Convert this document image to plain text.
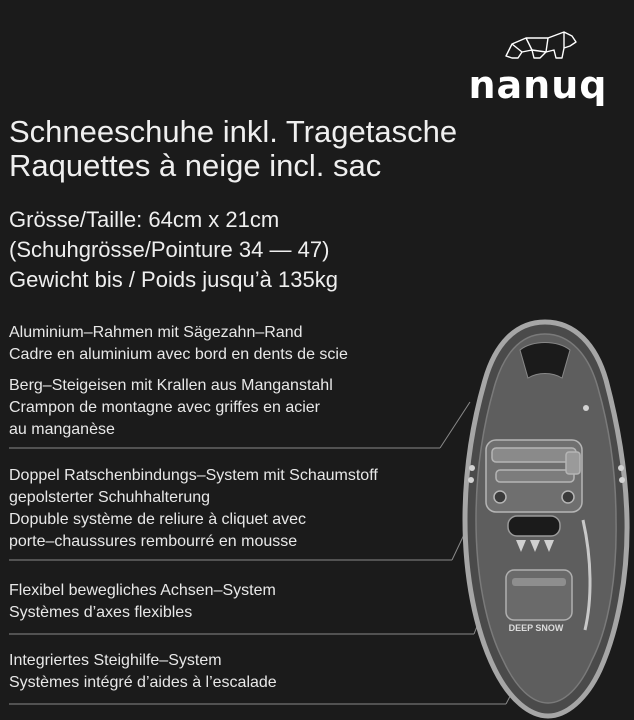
DEEP SNOW
nanuq
Schneeschuhe inkl. Tragetasche
Raquettes à neige incl. sac
Grösse/Taille: 64cm x 21cm
(Schuhgrösse/Pointure 34 — 47)
Gewicht bis / Poids jusqu’à 135kg
Aluminium–Rahmen mit Sägezahn–Rand
Cadre en aluminium avec bord en dents de scie
Berg–Steigeisen mit Krallen aus Manganstahl
Crampon de montagne avec griffes en acier
au manganèse
Doppel Ratschenbindungs–System mit Schaumstoff
gepolsterter Schuhhalterung
Dopuble système de reliure à cliquet avec
porte–chaussures rembourré en mousse
Flexibel bewegliches Achsen–System
Systèmes d’axes flexibles
Integriertes Steighilfe–System
Systèmes intégré d’aides à l’escalade
